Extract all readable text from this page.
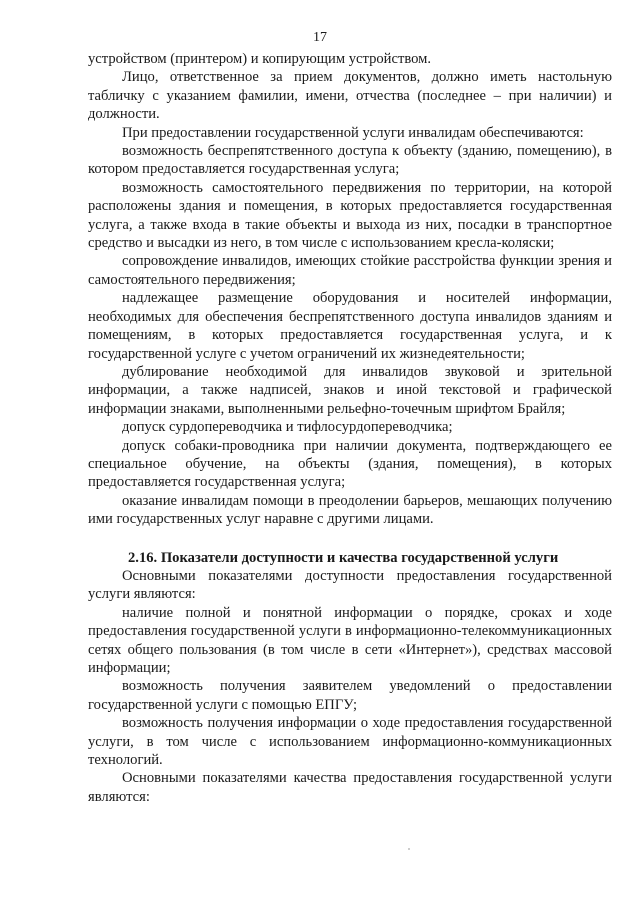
17

устройством (принтером) и копирующим устройством.

Лицо, ответственное за прием документов, должно иметь настольную табличку с указанием фамилии, имени, отчества (последнее – при наличии) и должности.

При предоставлении государственной услуги инвалидам обеспечиваются:

возможность беспрепятственного доступа к объекту (зданию, помещению), в котором предоставляется государственная услуга;

возможность самостоятельного передвижения по территории, на которой расположены здания и помещения, в которых предоставляется государственная услуга, а также входа в такие объекты и выхода из них, посадки в транспортное средство и высадки из него, в том числе с использованием кресла-коляски;

сопровождение инвалидов, имеющих стойкие расстройства функции зрения и самостоятельного передвижения;

надлежащее размещение оборудования и носителей информации, необходимых для обеспечения беспрепятственного доступа инвалидов зданиям и помещениям, в которых предоставляется государственная услуга, и к государственной услуге с учетом ограничений их жизнедеятельности;

дублирование необходимой для инвалидов звуковой и зрительной информации, а также надписей, знаков и иной текстовой и графической информации знаками, выполненными рельефно-точечным шрифтом Брайля;

допуск сурдопереводчика и тифлосурдопереводчика;

допуск собаки-проводника при наличии документа, подтверждающего ее специальное обучение, на объекты (здания, помещения), в которых предоставляется государственная услуга;

оказание инвалидам помощи в преодолении барьеров, мешающих получению ими государственных услуг наравне с другими лицами.

2.16. Показатели доступности и качества государственной услуги

Основными показателями доступности предоставления государственной услуги являются:

наличие полной и понятной информации о порядке, сроках и ходе предоставления государственной услуги в информационно-телекоммуникационных сетях общего пользования (в том числе в сети «Интернет»), средствах массовой информации;

возможность получения заявителем уведомлений о предоставлении государственной услуги с помощью ЕПГУ;

возможность получения информации о ходе предоставления государственной услуги, в том числе с использованием информационно-коммуникационных технологий.

Основными показателями качества предоставления государственной услуги являются:
